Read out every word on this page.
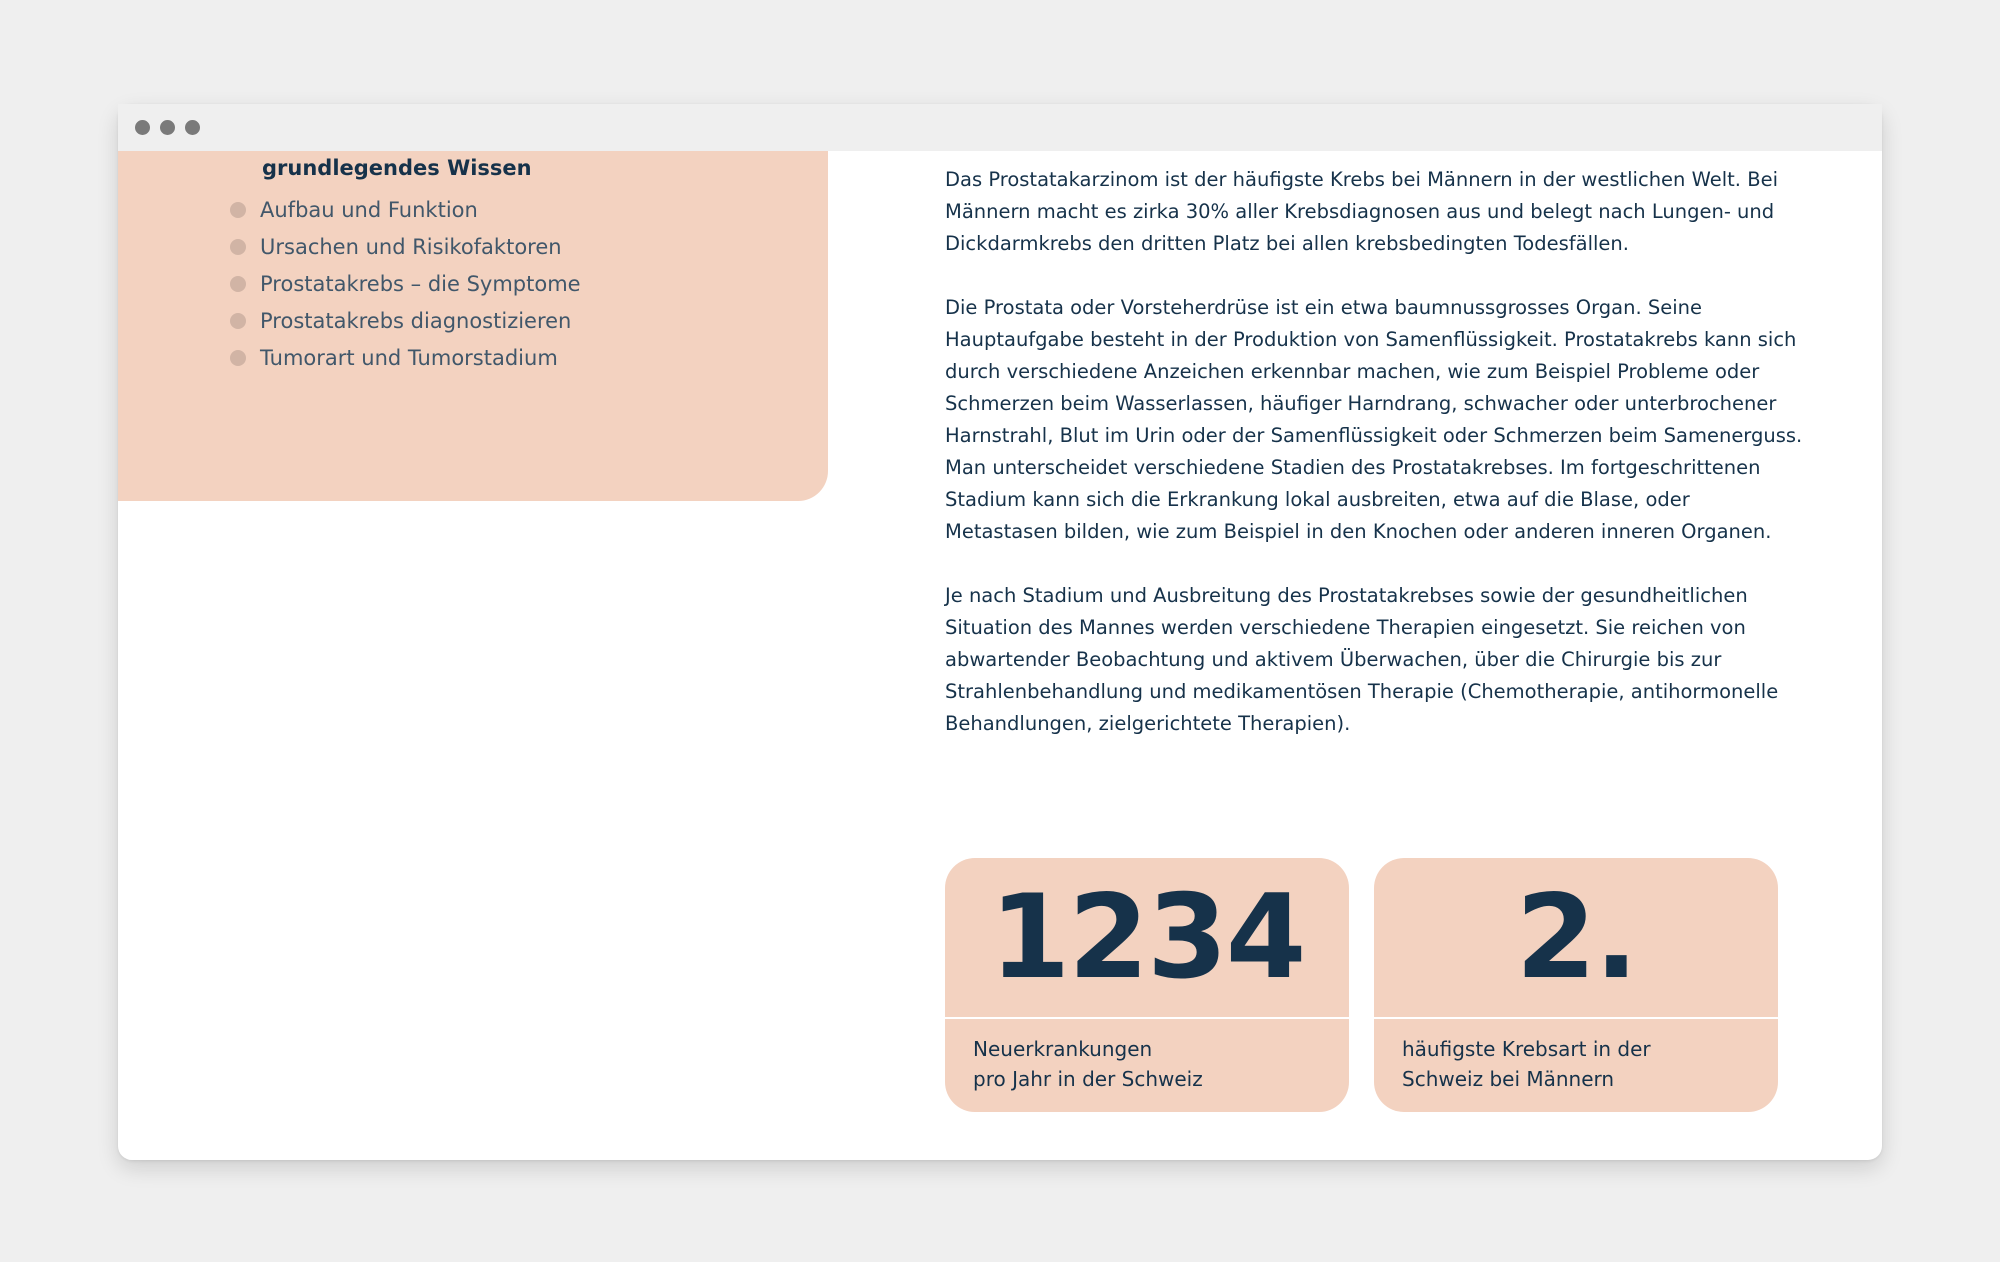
grundlegendes Wissen
Aufbau und Funktion
Ursachen und Risikofaktoren
Prostatakrebs – die Symptome
Prostatakrebs diagnostizieren
Tumorart und Tumorstadium

Das Prostatakarzinom ist der häufigste Krebs bei Männern in der westlichen Welt. Bei Männern macht es zirka 30% aller Krebsdiagnosen aus und belegt nach Lungen- und Dickdarmkrebs den dritten Platz bei allen krebsbedingten Todesfällen.

Die Prostata oder Vorsteherdrüse ist ein etwa baumnussgrosses Organ. Seine Hauptaufgabe besteht in der Produktion von Samenflüssigkeit. Prostatakrebs kann sich durch verschiedene Anzeichen erkennbar machen, wie zum Beispiel Probleme oder Schmerzen beim Wasserlassen, häufiger Harndrang, schwacher oder unterbrochener Harnstrahl, Blut im Urin oder der Samenflüssigkeit oder Schmerzen beim Samenerguss. Man unterscheidet verschiedene Stadien des Prostatakrebses. Im fortgeschrittenen Stadium kann sich die Erkrankung lokal ausbreiten, etwa auf die Blase, oder Metastasen bilden, wie zum Beispiel in den Knochen oder anderen inneren Organen.

Je nach Stadium und Ausbreitung des Prostatakrebses sowie der gesundheitlichen Situation des Mannes werden verschiedene Therapien eingesetzt. Sie reichen von abwartender Beobachtung und aktivem Überwachen, über die Chirurgie bis zur Strahlenbehandlung und medikamentösen Therapie (Chemotherapie, antihormonelle Behandlungen, zielgerichtete Therapien).

1234
Neuerkrankungen
pro Jahr in der Schweiz
2.
häufigste Krebsart in der
Schweiz bei Männern
